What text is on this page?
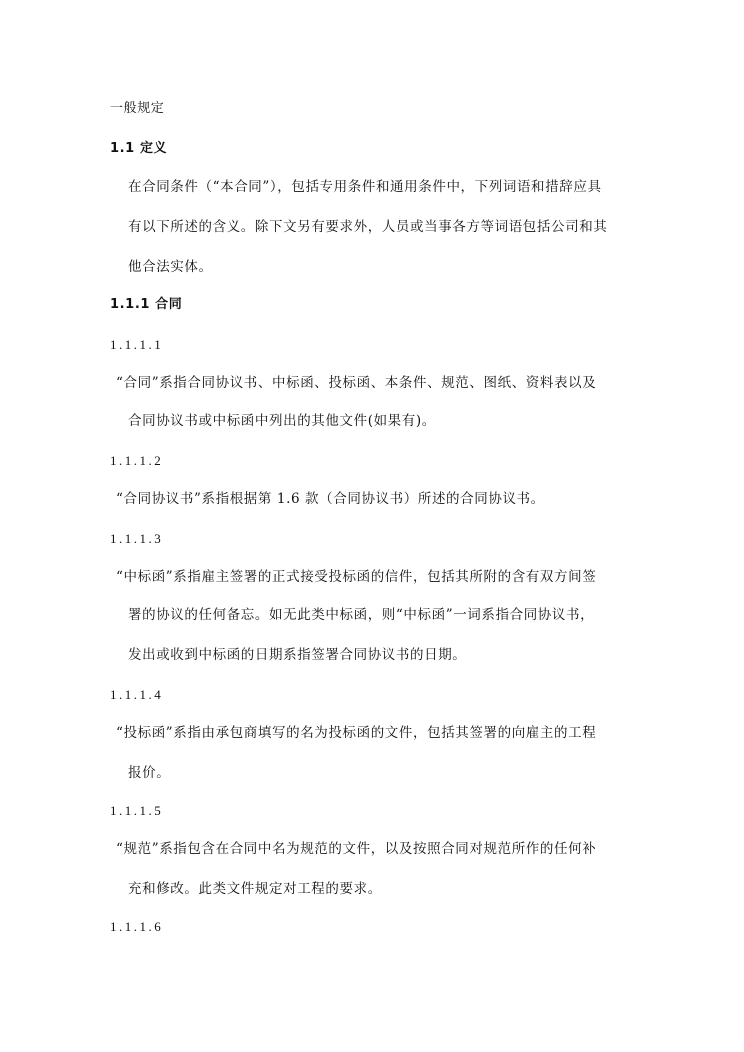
一般规定
1.1 定义
在合同条件（“本合同”），包括专用条件和通用条件中，下列词语和措辞应具
有以下所述的含义。除下文另有要求外，人员或当事各方等词语包括公司和其
他合法实体。
1.1.1 合同
1.1.1.1
“合同”系指合同协议书、中标函、投标函、本条件、规范、图纸、资料表以及
合同协议书或中标函中列出的其他文件(如果有)。
1.1.1.2
“合同协议书”系指根据第 1.6 款（合同协议书）所述的合同协议书。
1.1.1.3
“中标函”系指雇主签署的正式接受投标函的信件，包括其所附的含有双方间签
署的协议的任何备忘。如无此类中标函，则“中标函”一词系指合同协议书，
发出或收到中标函的日期系指签署合同协议书的日期。
1.1.1.4
“投标函”系指由承包商填写的名为投标函的文件，包括其签署的向雇主的工程
报价。
1.1.1.5
“规范”系指包含在合同中名为规范的文件，以及按照合同对规范所作的任何补
充和修改。此类文件规定对工程的要求。
1.1.1.6
